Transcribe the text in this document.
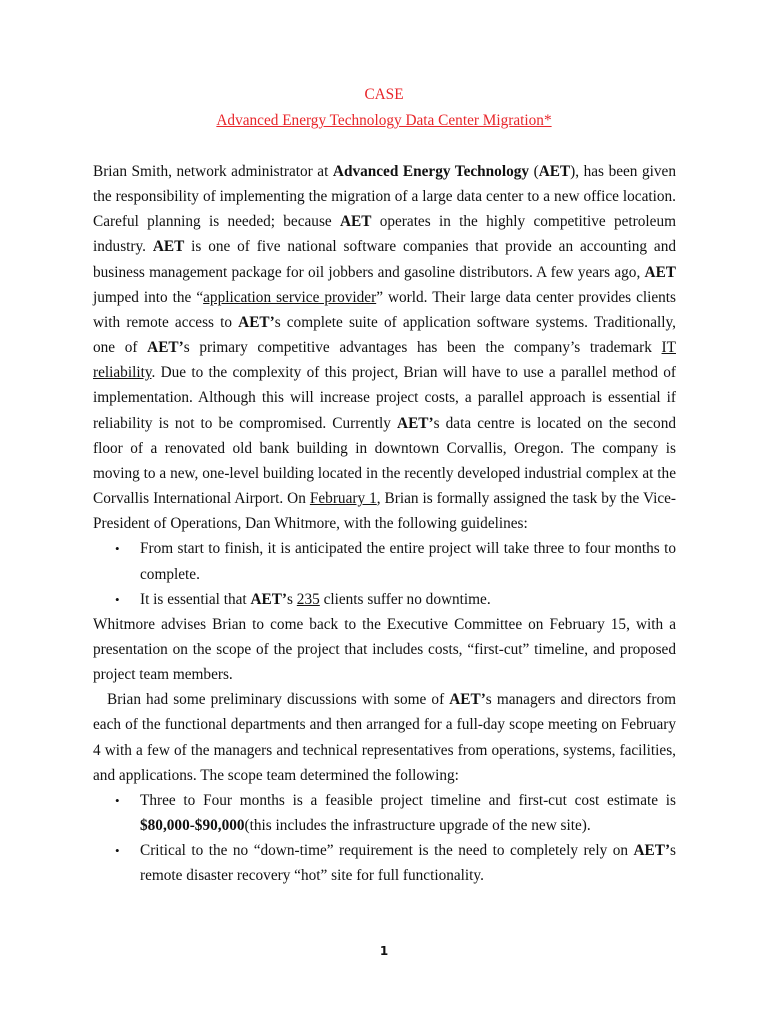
CASE
Advanced Energy Technology Data Center Migration*

Brian Smith, network administrator at Advanced Energy Technology (AET), has been given the responsibility of implementing the migration of a large data center to a new office location. Careful planning is needed; because AET operates in the highly competitive petroleum industry. AET is one of five national software companies that provide an accounting and business management package for oil jobbers and gasoline distributors. A few years ago, AET jumped into the “application service provider” world. Their large data center provides clients with remote access to AET’s complete suite of application software systems. Traditionally, one of AET’s primary competitive advantages has been the company’s trademark IT reliability. Due to the complexity of this project, Brian will have to use a parallel method of implementation. Although this will increase project costs, a parallel approach is essential if reliability is not to be compromised. Currently AET’s data centre is located on the second floor of a renovated old bank building in downtown Corvallis, Oregon. The company is moving to a new, one-level building located in the recently developed industrial complex at the Corvallis International Airport. On February 1, Brian is formally assigned the task by the Vice-President of Operations, Dan Whitmore, with the following guidelines:

• From start to finish, it is anticipated the entire project will take three to four months to complete.
• It is essential that AET’s 235 clients suffer no downtime.

Whitmore advises Brian to come back to the Executive Committee on February 15, with a presentation on the scope of the project that includes costs, “first-cut” timeline, and proposed project team members.

Brian had some preliminary discussions with some of AET’s managers and directors from each of the functional departments and then arranged for a full-day scope meeting on February 4 with a few of the managers and technical representatives from operations, systems, facilities, and applications. The scope team determined the following:

• Three to Four months is a feasible project timeline and first-cut cost estimate is $80,000-$90,000(this includes the infrastructure upgrade of the new site).
• Critical to the no “down-time” requirement is the need to completely rely on AET’s remote disaster recovery “hot” site for full functionality.
1
